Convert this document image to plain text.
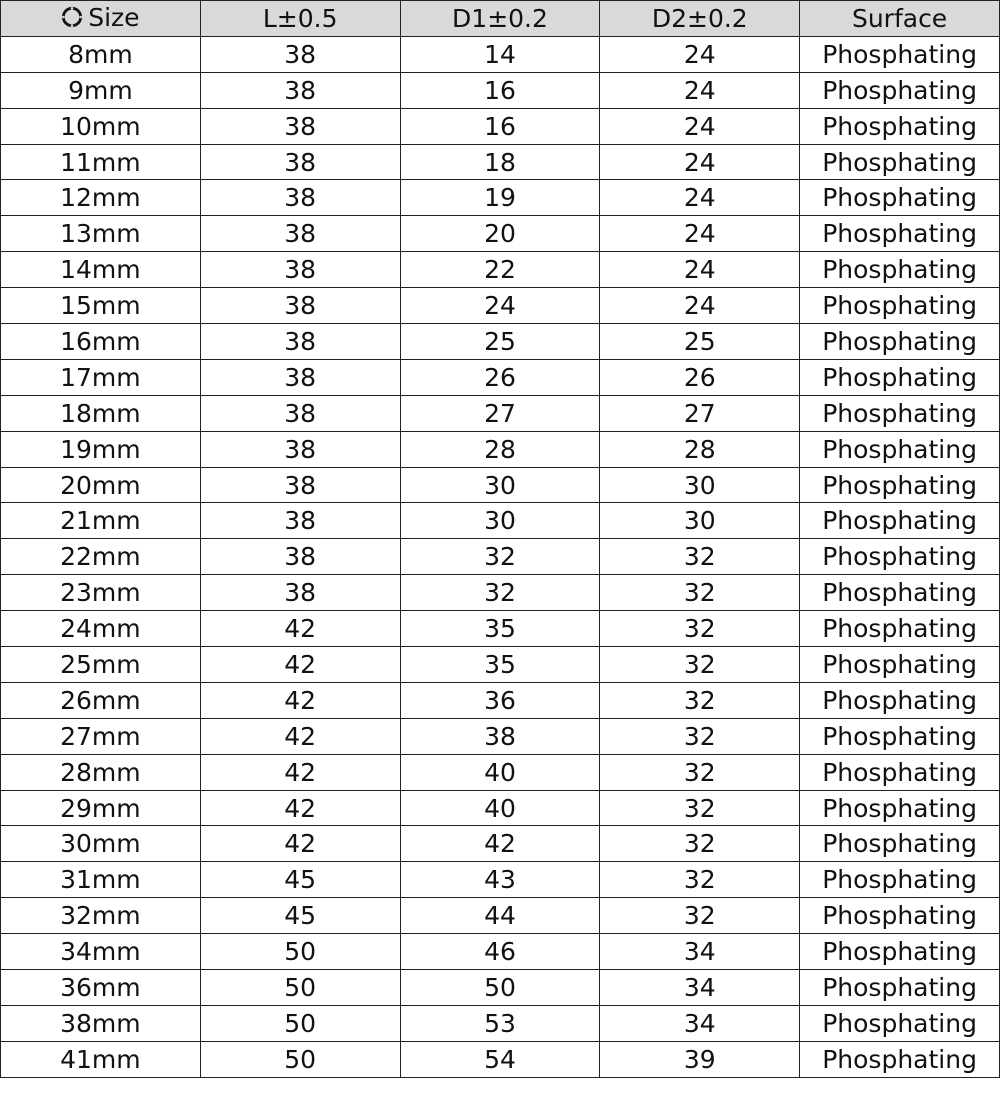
Size	L±0.5	D1±0.2	D2±0.2	Surface
8mm	38	14	24	Phosphating
9mm	38	16	24	Phosphating
10mm	38	16	24	Phosphating
11mm	38	18	24	Phosphating
12mm	38	19	24	Phosphating
13mm	38	20	24	Phosphating
14mm	38	22	24	Phosphating
15mm	38	24	24	Phosphating
16mm	38	25	25	Phosphating
17mm	38	26	26	Phosphating
18mm	38	27	27	Phosphating
19mm	38	28	28	Phosphating
20mm	38	30	30	Phosphating
21mm	38	30	30	Phosphating
22mm	38	32	32	Phosphating
23mm	38	32	32	Phosphating
24mm	42	35	32	Phosphating
25mm	42	35	32	Phosphating
26mm	42	36	32	Phosphating
27mm	42	38	32	Phosphating
28mm	42	40	32	Phosphating
29mm	42	40	32	Phosphating
30mm	42	42	32	Phosphating
31mm	45	43	32	Phosphating
32mm	45	44	32	Phosphating
34mm	50	46	34	Phosphating
36mm	50	50	34	Phosphating
38mm	50	53	34	Phosphating
41mm	50	54	39	Phosphating
